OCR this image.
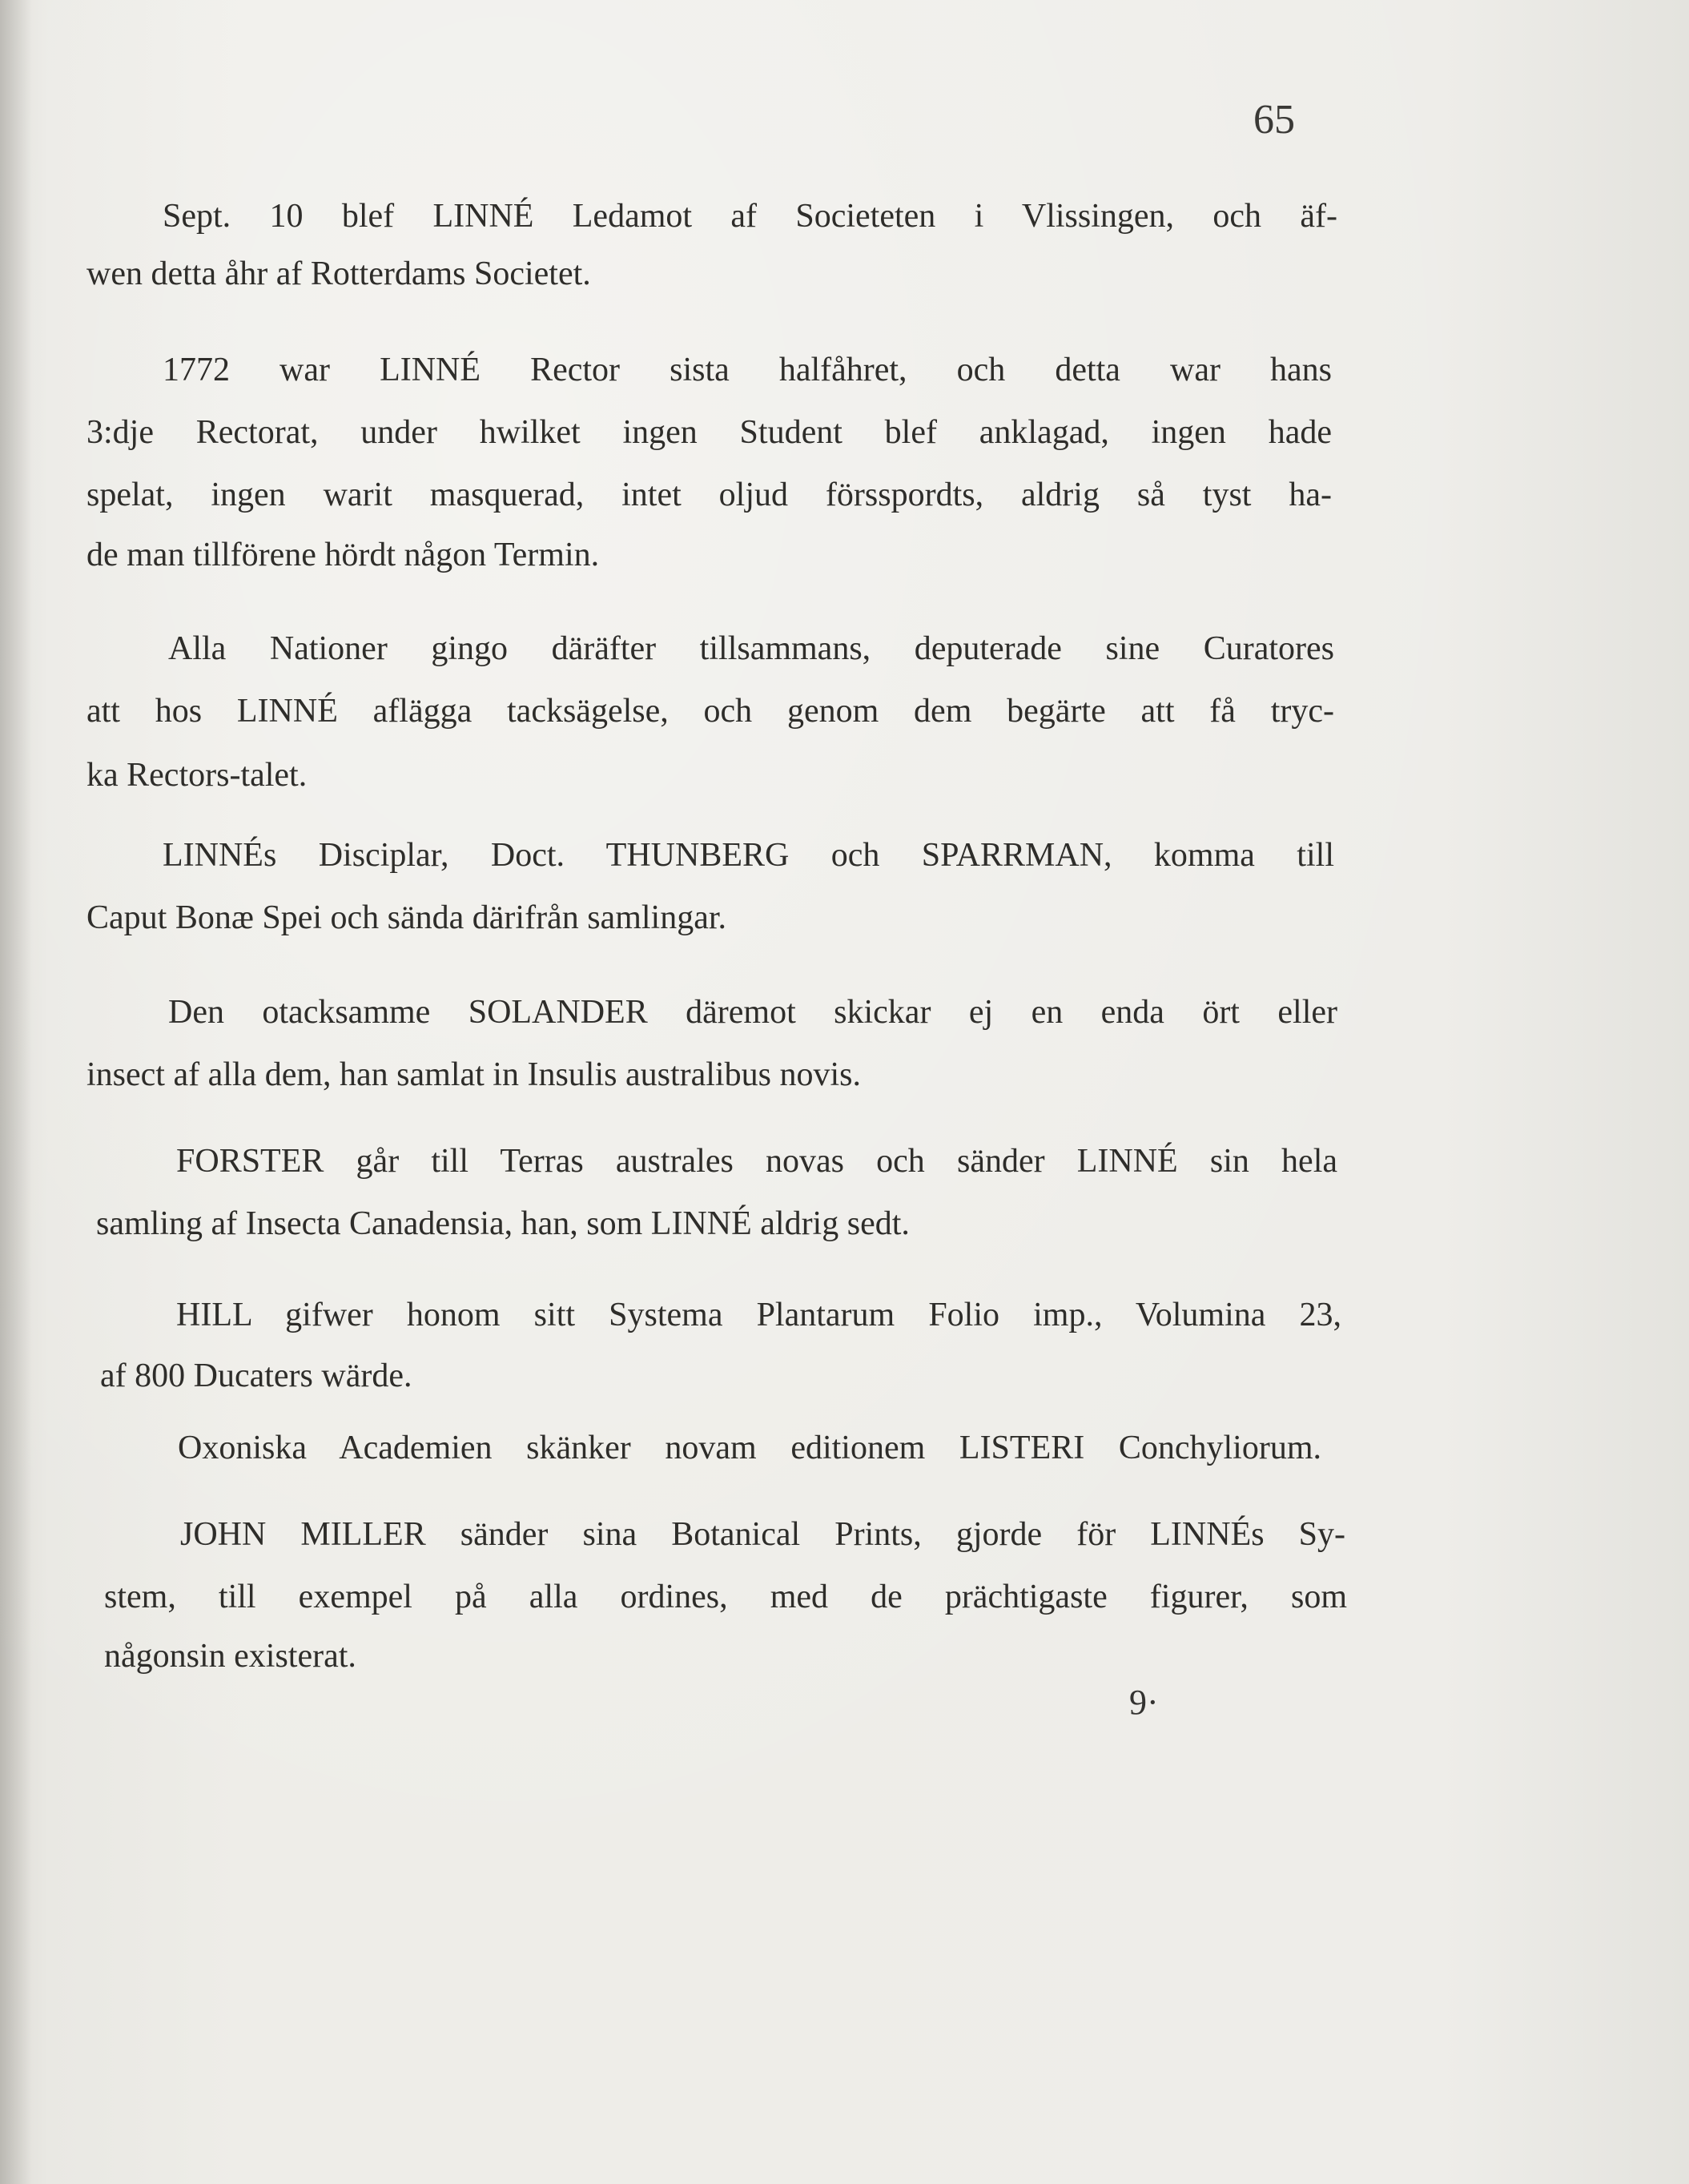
65
Sept. 10 blef LINNÉ Ledamot af Societeten i Vlissingen, och äf-
wen detta åhr af Rotterdams Societet.
1772 war LINNÉ Rector sista halfåhret, och detta war hans
3:dje Rectorat, under hwilket ingen Student blef anklagad, ingen hade
spelat, ingen warit masquerad, intet oljud försspordts, aldrig så tyst ha-
de man tillförene hördt någon Termin.
Alla Nationer gingo däräfter tillsammans, deputerade sine Curatores
att hos LINNÉ aflägga tacksägelse, och genom dem begärte att få tryc-
ka Rectors-talet.
LINNÉs Disciplar, Doct. THUNBERG och SPARRMAN, komma till
Caput Bonæ Spei och sända därifrån samlingar.
Den otacksamme SOLANDER däremot skickar ej en enda ört eller
insect af alla dem, han samlat in Insulis australibus novis.
FORSTER går till Terras australes novas och sänder LINNÉ sin hela
samling af Insecta Canadensia, han, som LINNÉ aldrig sedt.
HILL gifwer honom sitt Systema Plantarum Folio imp., Volumina 23,
af 800 Ducaters wärde.
Oxoniska Academien skänker novam editionem LISTERI Conchyliorum.
JOHN MILLER sänder sina Botanical Prints, gjorde för LINNÉs Sy-
stem, till exempel på alla ordines, med de prächtigaste figurer, som
någonsin existerat.
9·
